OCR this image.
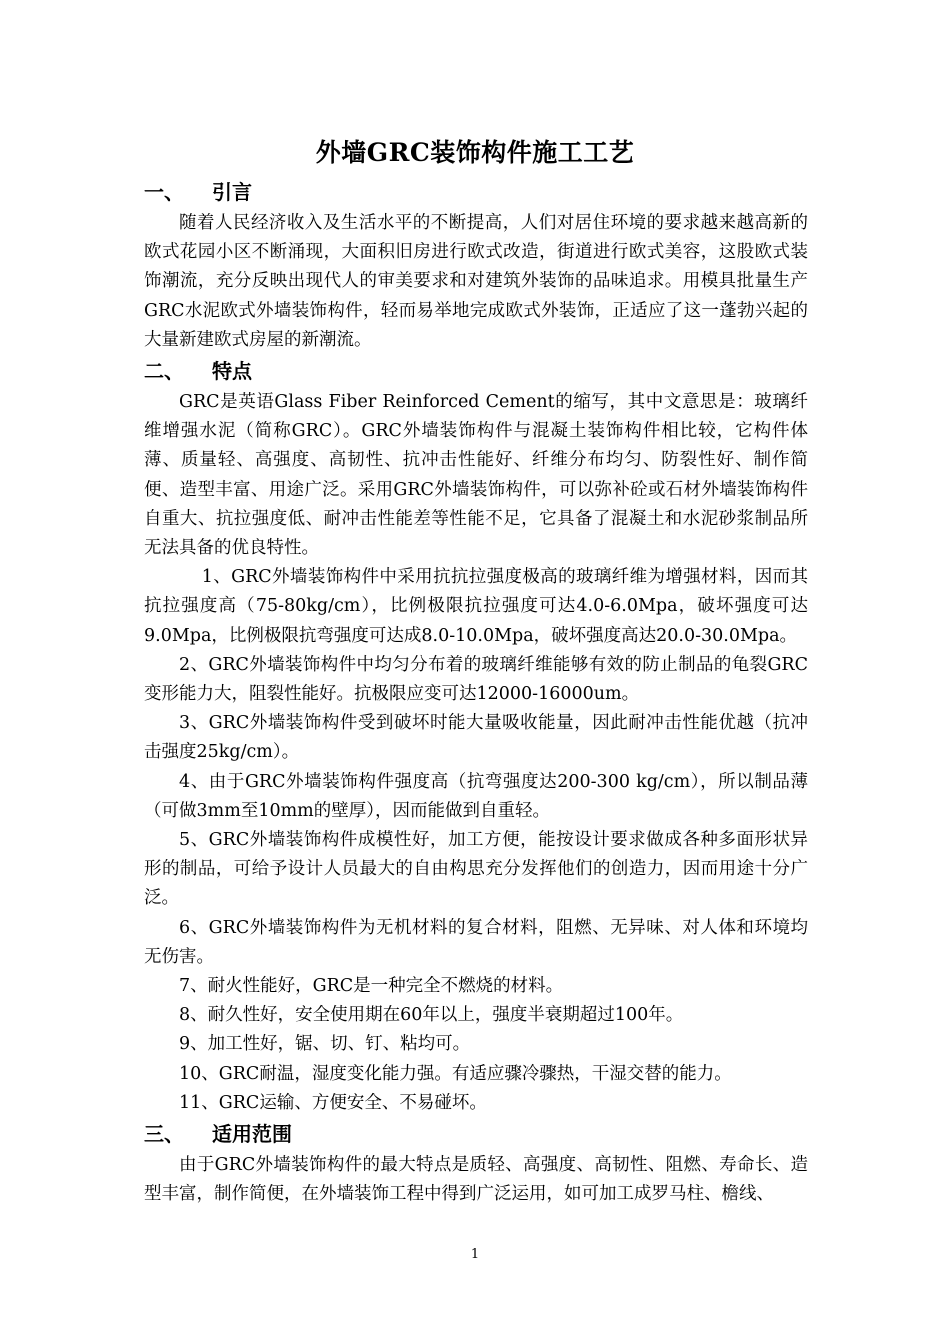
外墙GRC装饰构件施工工艺
一、 引言

随着人民经济收入及生活水平的不断提高，人们对居住环境的要求越来越高新的欧式花园小区不断涌现，大面积旧房进行欧式改造，街道进行欧式美容，这股欧式装饰潮流，充分反映出现代人的审美要求和对建筑外装饰的品味追求。用模具批量生产GRC水泥欧式外墙装饰构件，轻而易举地完成欧式外装饰，正适应了这一蓬勃兴起的大量新建欧式房屋的新潮流。

二、 特点

GRC是英语Glass Fiber Reinforced Cement的缩写，其中文意思是：玻璃纤维增强水泥（简称GRC）。GRC外墙装饰构件与混凝土装饰构件相比较，它构件体薄、质量轻、高强度、高韧性、抗冲击性能好、纤维分布均匀、防裂性好、制作简便、造型丰富、用途广泛。采用GRC外墙装饰构件，可以弥补砼或石材外墙装饰构件自重大、抗拉强度低、耐冲击性能差等性能不足，它具备了混凝土和水泥砂浆制品所无法具备的优良特性。

1、GRC外墙装饰构件中采用抗抗拉强度极高的玻璃纤维为增强材料，因而其抗拉强度高（75-80kg/cm），比例极限抗拉强度可达4.0-6.0Mpa，破坏强度可达9.0Mpa，比例极限抗弯强度可达成8.0-10.0Mpa，破坏强度高达20.0-30.0Mpa。

2、GRC外墙装饰构件中均匀分布着的玻璃纤维能够有效的防止制品的龟裂GRC变形能力大，阻裂性能好。抗极限应变可达12000-16000um。

3、GRC外墙装饰构件受到破坏时能大量吸收能量，因此耐冲击性能优越（抗冲击强度25kg/cm）。

4、由于GRC外墙装饰构件强度高（抗弯强度达200-300 kg/cm），所以制品薄（可做3mm至10mm的壁厚），因而能做到自重轻。

5、GRC外墙装饰构件成模性好，加工方便，能按设计要求做成各种多面形状异形的制品，可给予设计人员最大的自由构思充分发挥他们的创造力，因而用途十分广泛。

6、GRC外墙装饰构件为无机材料的复合材料，阻燃、无异味、对人体和环境均无伤害。

7、耐火性能好，GRC是一种完全不燃烧的材料。

8、耐久性好，安全使用期在60年以上，强度半衰期超过100年。

9、加工性好，锯、切、钉、粘均可。

10、GRC耐温，湿度变化能力强。有适应骤冷骤热，干湿交替的能力。

11、GRC运输、方便安全、不易碰坏。

三、 适用范围

由于GRC外墙装饰构件的最大特点是质轻、高强度、高韧性、阻燃、寿命长、造型丰富，制作简便，在外墙装饰工程中得到广泛运用，如可加工成罗马柱、檐线、

1
